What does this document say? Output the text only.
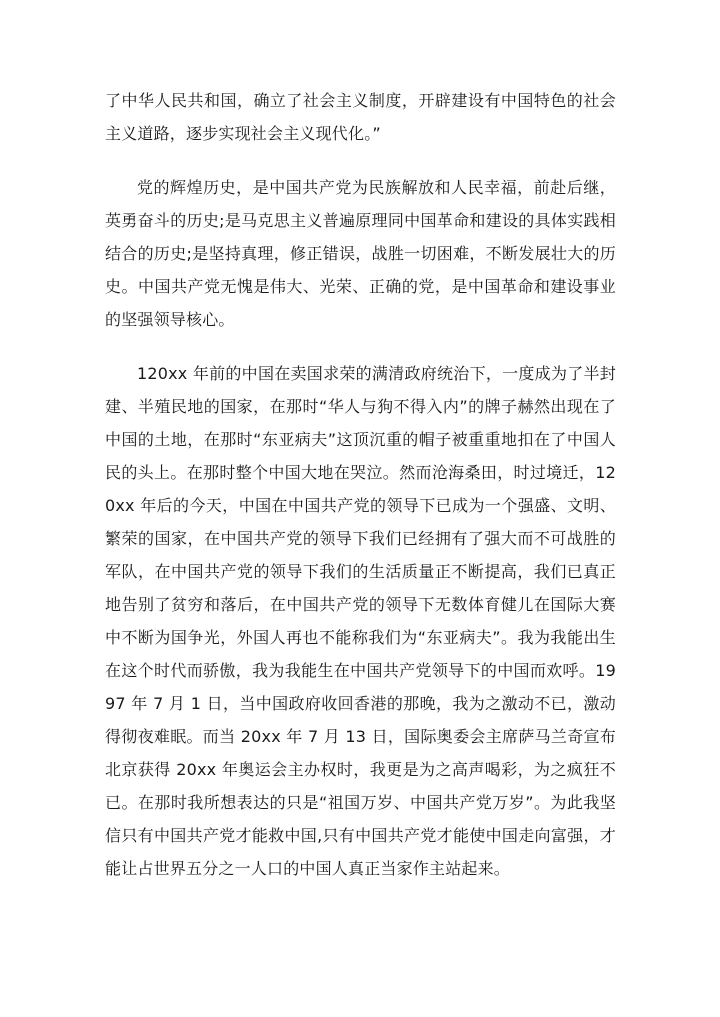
了中华人民共和国，确立了社会主义制度，开辟建设有中国特色的社会主义道路，逐步实现社会主义现代化。”

党的辉煌历史，是中国共产党为民族解放和人民幸福，前赴后继，英勇奋斗的历史;是马克思主义普遍原理同中国革命和建设的具体实践相结合的历史;是坚持真理，修正错误，战胜一切困难，不断发展壮大的历史。中国共产党无愧是伟大、光荣、正确的党，是中国革命和建设事业的坚强领导核心。

120xx 年前的中国在卖国求荣的满清政府统治下，一度成为了半封建、半殖民地的国家，在那时“华人与狗不得入内”的牌子赫然出现在了中国的土地，在那时“东亚病夫”这顶沉重的帽子被重重地扣在了中国人民的头上。在那时整个中国大地在哭泣。然而沧海桑田，时过境迁，120xx 年后的今天，中国在中国共产党的领导下已成为一个强盛、文明、繁荣的国家，在中国共产党的领导下我们已经拥有了强大而不可战胜的军队，在中国共产党的领导下我们的生活质量正不断提高，我们已真正地告别了贫穷和落后，在中国共产党的领导下无数体育健儿在国际大赛中不断为国争光，外国人再也不能称我们为“东亚病夫”。我为我能出生在这个时代而骄傲，我为我能生在中国共产党领导下的中国而欢呼。1997 年 7 月 1 日，当中国政府收回香港的那晚，我为之激动不已，激动得彻夜难眠。而当 20xx 年 7 月 13 日，国际奥委会主席萨马兰奇宣布北京获得 20xx 年奥运会主办权时，我更是为之高声喝彩，为之疯狂不已。在那时我所想表达的只是“祖国万岁、中国共产党万岁”。为此我坚信只有中国共产党才能救中国,只有中国共产党才能使中国走向富强，才能让占世界五分之一人口的中国人真正当家作主站起来。
